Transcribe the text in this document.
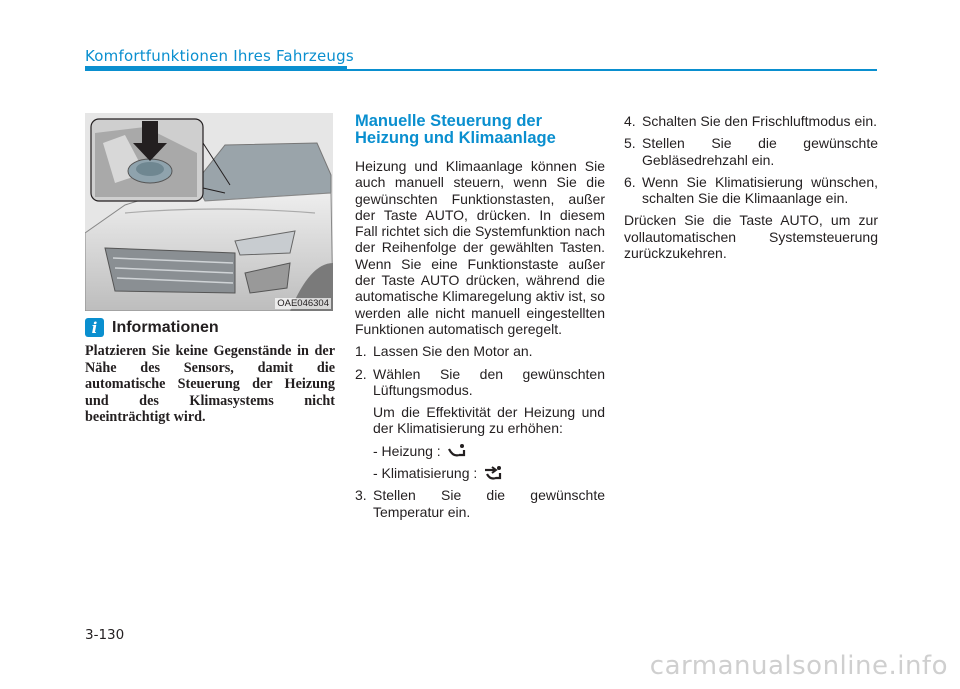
Komfortfunktionen Ihres Fahrzeugs
OAE046304
i Informationen
Platzieren Sie keine Gegenstände in der Nähe des Sensors, damit die automatische Steuerung der Heizung und des Klimasystems nicht beeinträchtigt wird.
Manuelle Steuerung der Heizung und Klimaanlage
Heizung und Klimaanlage können Sie auch manuell steuern, wenn Sie die gewünschten Funktionstasten, außer der Taste AUTO, drücken. In diesem Fall richtet sich die Systemfunktion nach der Reihenfolge der gewählten Tasten. Wenn Sie eine Funktionstaste außer der Taste AUTO drücken, während die automatische Klimaregelung aktiv ist, so werden alle nicht manuell eingestellten Funktionen automatisch geregelt.
1. Lassen Sie den Motor an.
2. Wählen Sie den gewünschten Lüftungsmodus.
Um die Effektivität der Heizung und der Klimatisierung zu erhöhen:
- Heizung :
- Klimatisierung :
3. Stellen Sie die gewünschte Temperatur ein.
4. Schalten Sie den Frischluftmodus ein.
5. Stellen Sie die gewünschte Gebläsedrehzahl ein.
6. Wenn Sie Klimatisierung wünschen, schalten Sie die Klimaanlage ein.
Drücken Sie die Taste AUTO, um zur vollautomatischen Systemsteuerung zurückzukehren.
3-130
carmanualsonline.info
